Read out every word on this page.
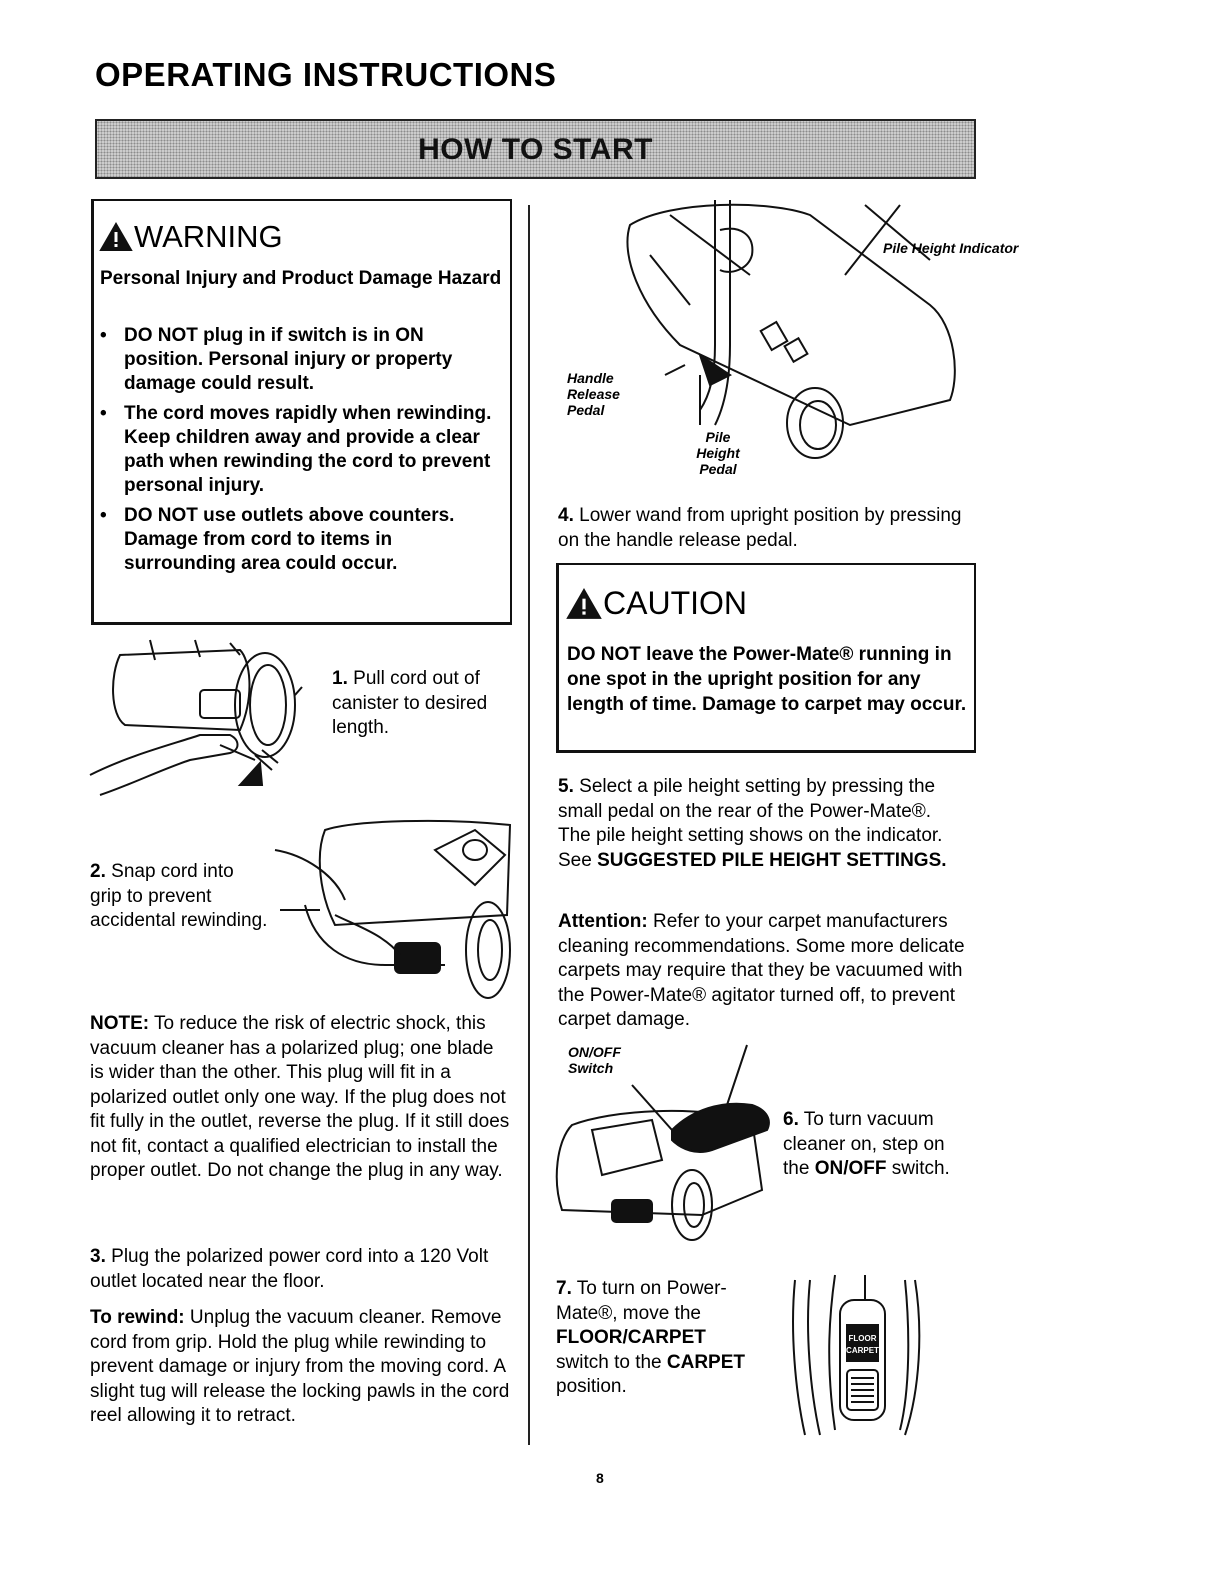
OPERATING INSTRUCTIONS
HOW TO START
WARNING
Personal Injury and Product Damage Hazard
• DO NOT plug in if switch is in ON position. Personal injury or property damage could result.
• The cord moves rapidly when rewinding. Keep children away and provide a clear path when rewinding the cord to prevent personal injury.
• DO NOT use outlets above counters. Damage from cord to items in surrounding area could occur.
1. Pull cord out of canister to desired length.
2. Snap cord into grip to prevent accidental rewinding.
NOTE: To reduce the risk of electric shock, this vacuum cleaner has a polarized plug; one blade is wider than the other. This plug will fit in a polarized outlet only one way. If the plug does not fit fully in the outlet, reverse the plug. If it still does not fit, contact a qualified electrician to install the proper outlet. Do not change the plug in any way.
3. Plug the polarized power cord into a 120 Volt outlet located near the floor.
To rewind: Unplug the vacuum cleaner. Remove cord from grip. Hold the plug while rewinding to prevent damage or injury from the moving cord. A slight tug will release the locking pawls in the cord reel allowing it to retract.
Pile Height Indicator
Handle Release Pedal
Pile Height Pedal
4. Lower wand from upright position by pressing on the handle release pedal.
CAUTION
DO NOT leave the Power-Mate® running in one spot in the upright position for any length of time. Damage to carpet may occur.
5. Select a pile height setting by pressing the small pedal on the rear of the Power-Mate®. The pile height setting shows on the indicator. See SUGGESTED PILE HEIGHT SETTINGS.
Attention: Refer to your carpet manufacturers cleaning recommendations. Some more delicate carpets may require that they be vacuumed with the Power-Mate® agitator turned off, to prevent carpet damage.
ON/OFF Switch
6. To turn vacuum cleaner on, step on the ON/OFF switch.
7. To turn on Power-Mate®, move the FLOOR/CARPET switch to the CARPET position.
FLOOR
CARPET
8
